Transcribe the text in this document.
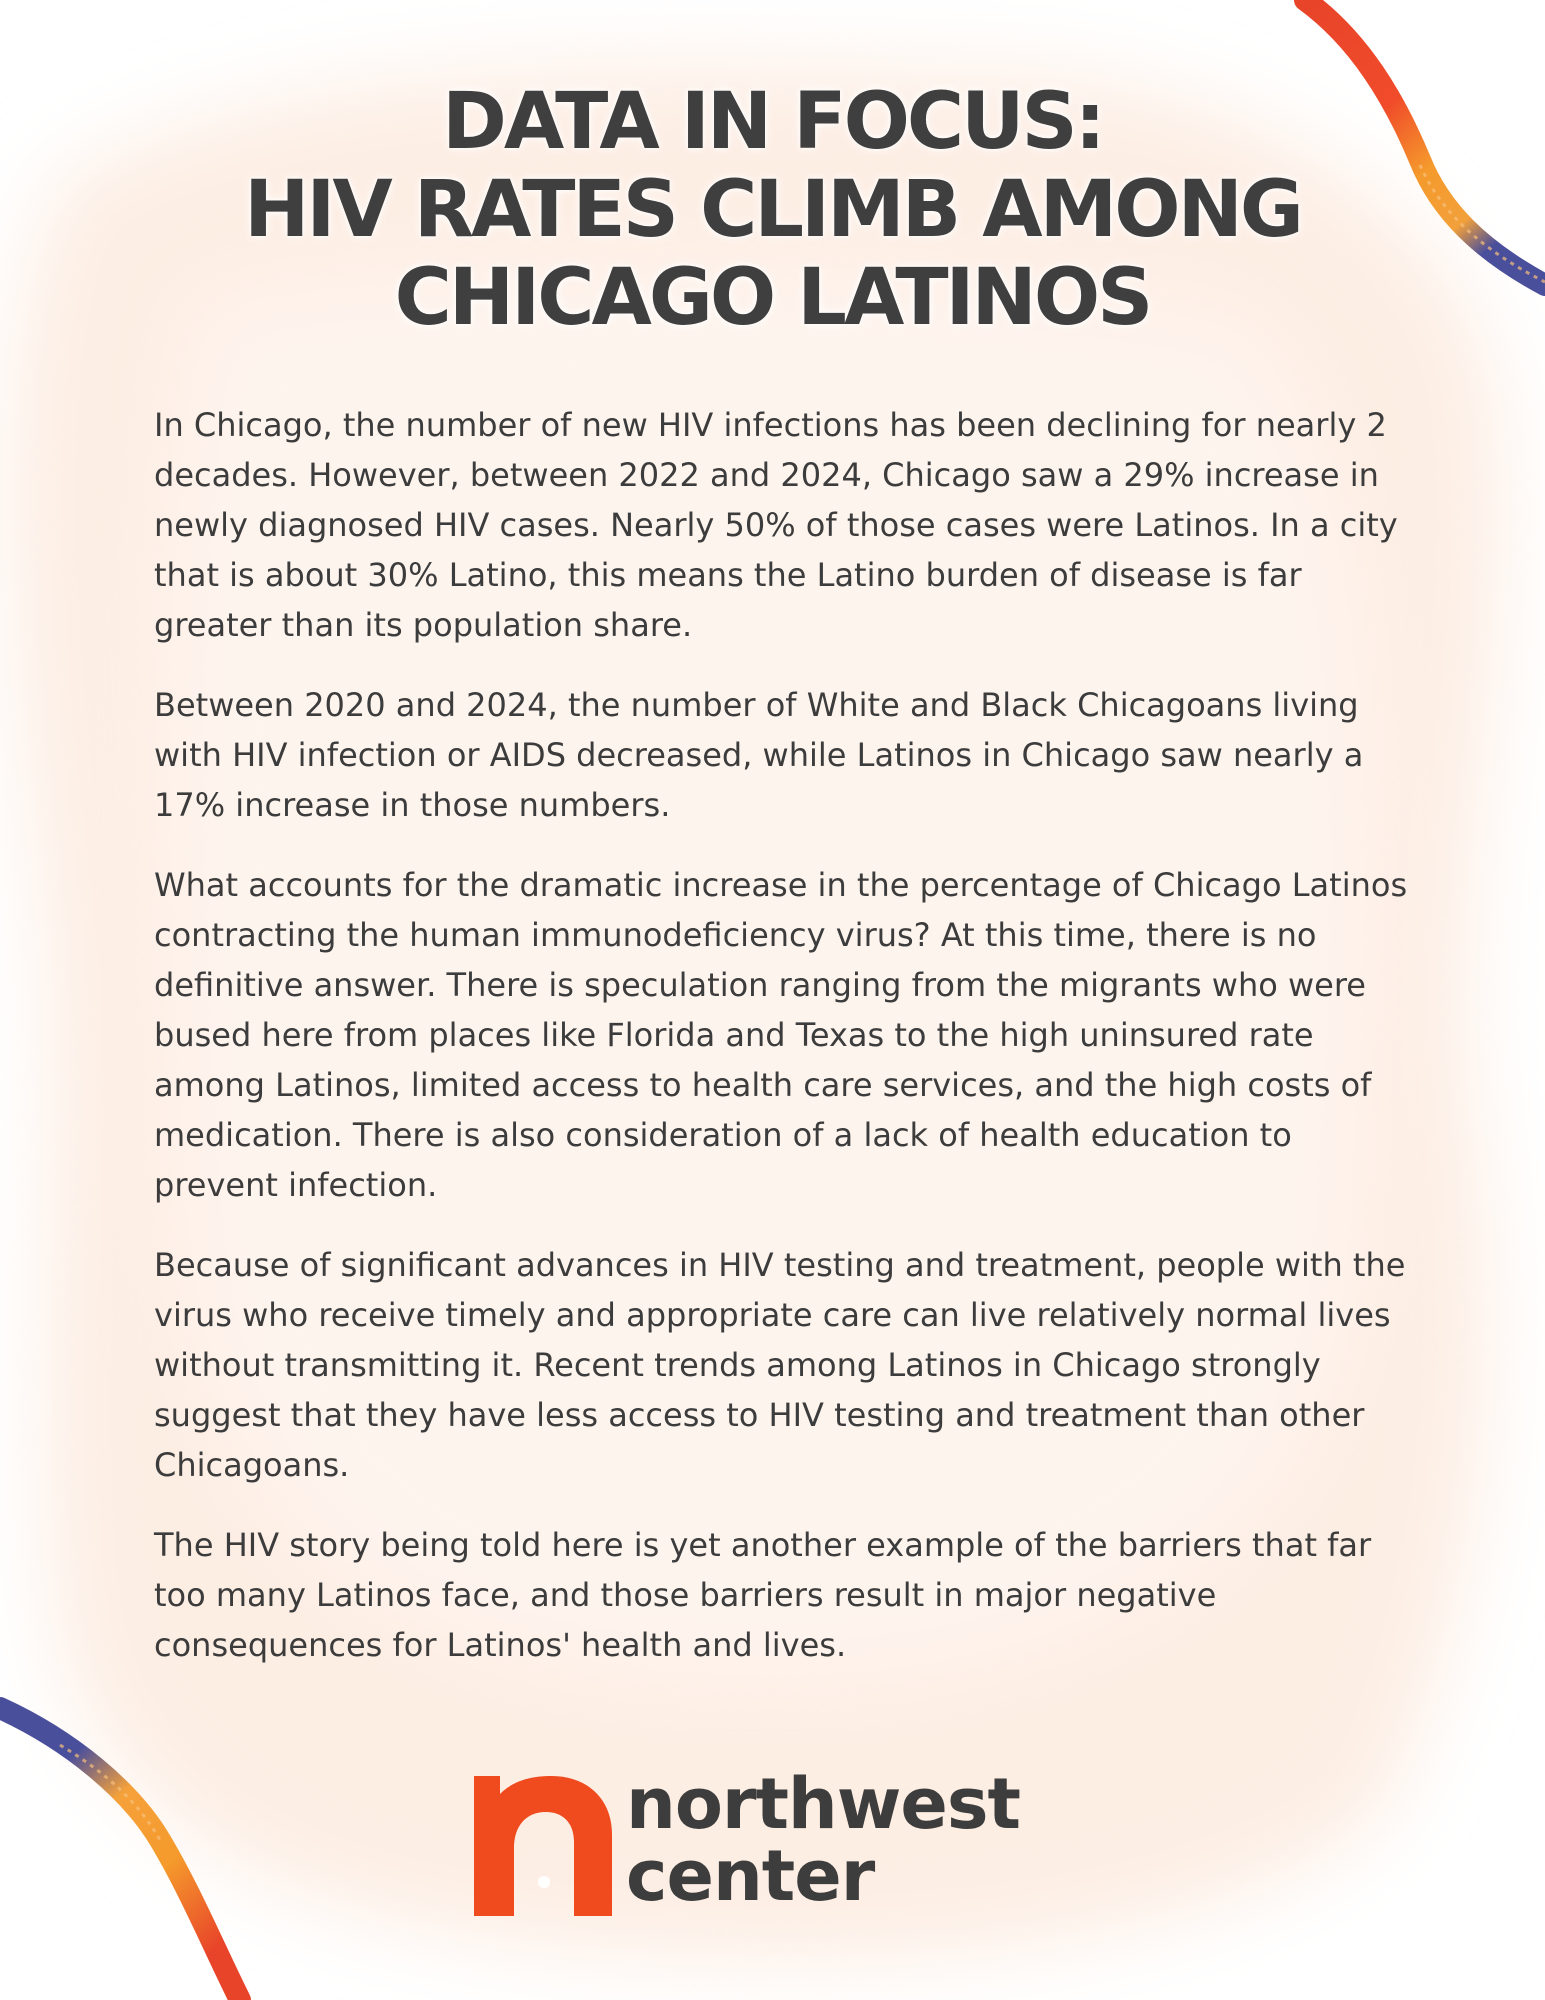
DATA IN FOCUS:
HIV RATES CLIMB AMONG
CHICAGO LATINOS

In Chicago, the number of new HIV infections has been declining for nearly 2 decades. However, between 2022 and 2024, Chicago saw a 29% increase in newly diagnosed HIV cases. Nearly 50% of those cases were Latinos. In a city that is about 30% Latino, this means the Latino burden of disease is far greater than its population share.

Between 2020 and 2024, the number of White and Black Chicagoans living with HIV infection or AIDS decreased, while Latinos in Chicago saw nearly a 17% increase in those numbers.

What accounts for the dramatic increase in the percentage of Chicago Latinos contracting the human immunodeficiency virus? At this time, there is no definitive answer. There is speculation ranging from the migrants who were bused here from places like Florida and Texas to the high uninsured rate among Latinos, limited access to health care services, and the high costs of medication. There is also consideration of a lack of health education to prevent infection.

Because of significant advances in HIV testing and treatment, people with the virus who receive timely and appropriate care can live relatively normal lives without transmitting it. Recent trends among Latinos in Chicago strongly suggest that they have less access to HIV testing and treatment than other Chicagoans.

The HIV story being told here is yet another example of the barriers that far too many Latinos face, and those barriers result in major negative consequences for Latinos' health and lives.

northwest
center
